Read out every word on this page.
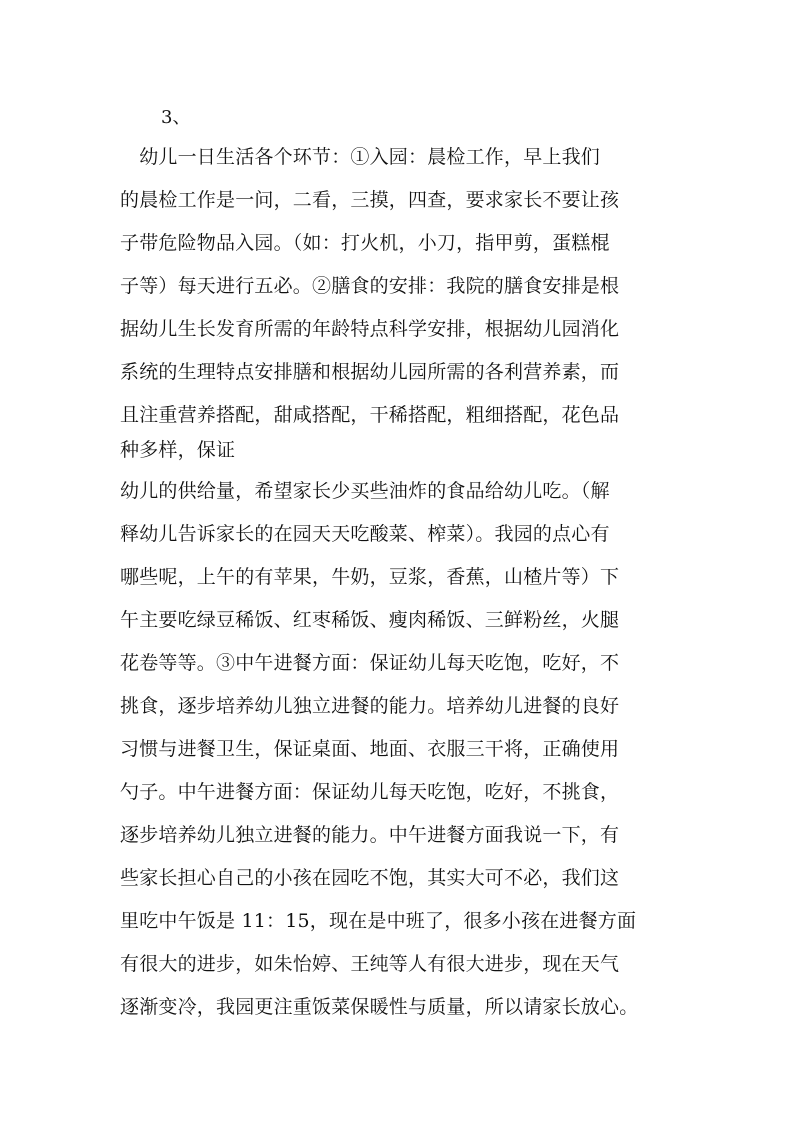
3、
　幼儿一日生活各个环节：①入园：晨检工作，早上我们
的晨检工作是一问，二看，三摸，四查，要求家长不要让孩
子带危险物品入园。（如：打火机，小刀，指甲剪，蛋糕棍
子等）每天进行五必。②膳食的安排：我院的膳食安排是根
据幼儿生长发育所需的年龄特点科学安排，根据幼儿园消化
系统的生理特点安排膳和根据幼儿园所需的各利营养素，而
且注重营养搭配，甜咸搭配，干稀搭配，粗细搭配，花色品
种多样，保证
幼儿的供给量，希望家长少买些油炸的食品给幼儿吃。（解
释幼儿告诉家长的在园天天吃酸菜、榨菜）。我园的点心有
哪些呢，上午的有苹果，牛奶，豆浆，香蕉，山楂片等）下
午主要吃绿豆稀饭、红枣稀饭、瘦肉稀饭、三鲜粉丝，火腿
花卷等等。③中午进餐方面：保证幼儿每天吃饱，吃好，不
挑食，逐步培养幼儿独立进餐的能力。培养幼儿进餐的良好
习惯与进餐卫生，保证桌面、地面、衣服三干将，正确使用
勺子。中午进餐方面：保证幼儿每天吃饱，吃好，不挑食，
逐步培养幼儿独立进餐的能力。中午进餐方面我说一下，有
些家长担心自己的小孩在园吃不饱，其实大可不必，我们这
里吃中午饭是 11：15，现在是中班了，很多小孩在进餐方面
有很大的进步，如朱怡婷、王纯等人有很大进步，现在天气
逐渐变冷，我园更注重饭菜保暖性与质量，所以请家长放心。
